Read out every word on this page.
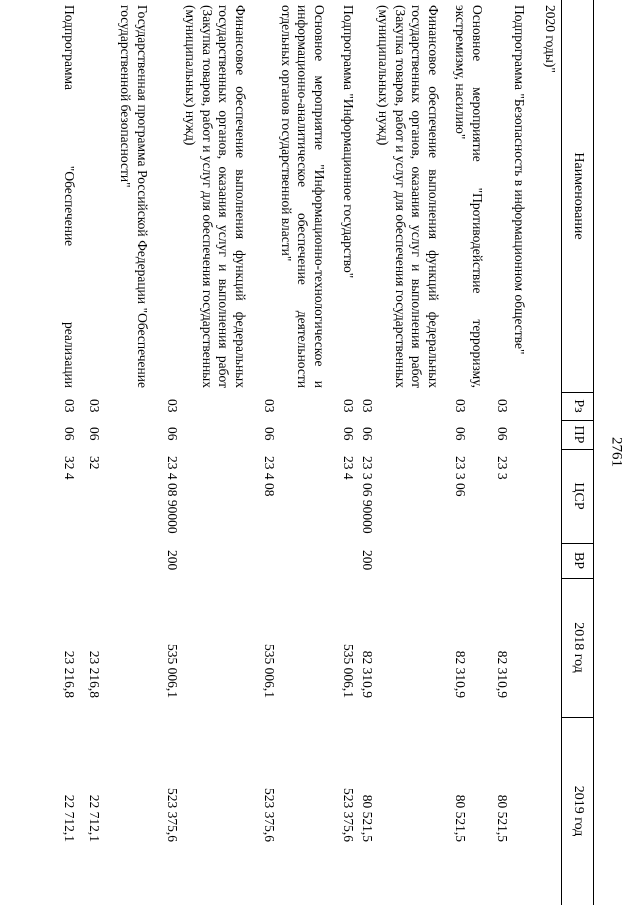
2761
Наименование
Рз
ПР
ЦСР
ВР
2018 год
2019 год
2020 годы)"
Подпрограмма "Безопасность в информационном обществе"
03
06
23 3
82 310,9
80 521,5
Основное мероприятие "Противодействие терроризму, экстремизму, насилию"
03
06
23 3 06
82 310,9
80 521,5
Финансовое обеспечение выполнения функций федеральных государственных органов, оказания услуг и выполнения работ (Закупка товаров, работ и услуг для обеспечения государственных (муниципальных) нужд)
03
06
23 3 06 90000
200
82 310,9
80 521,5
Подпрограмма "Информационное государство"
03
06
23 4
535 006,1
523 375,6
Основное мероприятие "Информационно-технологическое и информационно-аналитическое обеспечение деятельности отдельных органов государственной власти"
03
06
23 4 08
535 006,1
523 375,6
Финансовое обеспечение выполнения функций федеральных государственных органов, оказания услуг и выполнения работ (Закупка товаров, работ и услуг для обеспечения государственных (муниципальных) нужд)
03
06
23 4 08 90000
200
535 006,1
523 375,6
Государственная программа Российской Федерации "Обеспечение государственной безопасности"
03
06
32
23 216,8
22 712,1
Подпрограмма "Обеспечение реализации
03
06
32 4
23 216,8
22 712,1
